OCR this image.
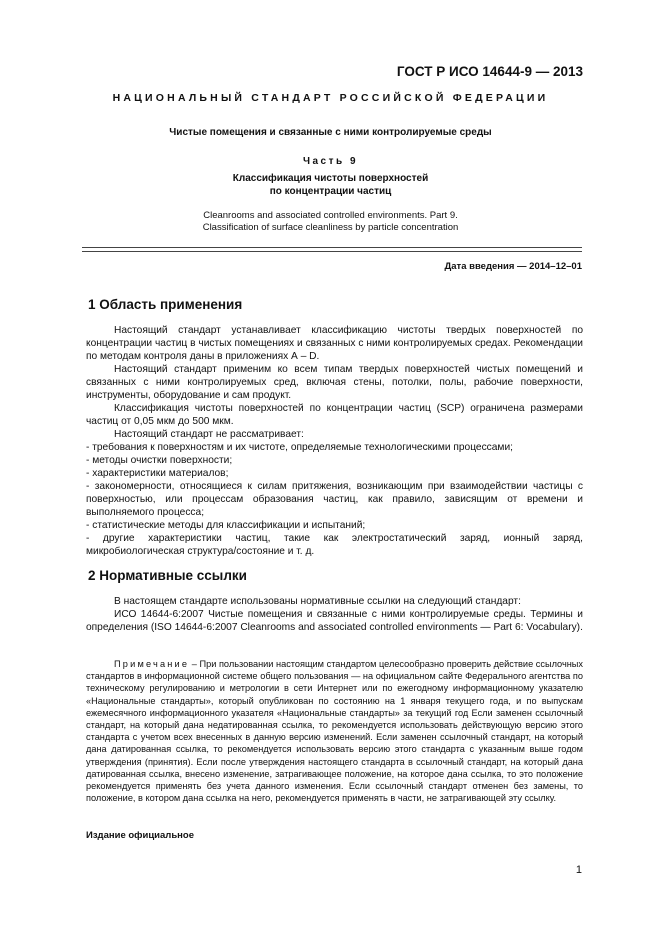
ГОСТ Р ИСО 14644-9 — 2013
НАЦИОНАЛЬНЫЙ СТАНДАРТ РОССИЙСКОЙ ФЕДЕРАЦИИ
Чистые помещения и связанные с ними контролируемые среды
Часть 9
Классификация чистоты поверхностей
по концентрации частиц
Cleanrooms and associated controlled environments. Part 9.
Classification of surface cleanliness by particle concentration
Дата введения — 2014–12–01
1 Область применения

Настоящий стандарт устанавливает классификацию чистоты твердых поверхностей по концентрации частиц в чистых помещениях и связанных с ними контролируемых средах. Рекомендации по методам контроля даны в приложениях А – D.

Настоящий стандарт применим ко всем типам твердых поверхностей чистых помещений и связанных с ними контролируемых сред, включая стены, потолки, полы, рабочие поверхности, инструменты, оборудование и сам продукт.

Классификация чистоты поверхностей по концентрации частиц (SCP) ограничена размерами частиц от 0,05 мкм до 500 мкм.

Настоящий стандарт не рассматривает:

- требования к поверхностям и их чистоте, определяемые технологическими процессами;

- методы очистки поверхности;

- характеристики материалов;

- закономерности, относящиеся к силам притяжения, возникающим при взаимодействии частицы с поверхностью, или процессам образования частиц, как правило, зависящим от времени и выполняемого процесса;

- статистические методы для классификации и испытаний;

- другие характеристики частиц, такие как электростатический заряд, ионный заряд, микробиологическая структура/состояние и т. д.

2 Нормативные ссылки

В настоящем стандарте использованы нормативные ссылки на следующий стандарт:

ИСО 14644-6:2007 Чистые помещения и связанные с ними контролируемые среды. Термины и определения (ISO 14644-6:2007 Cleanrooms and associated controlled environments — Part 6: Vocabulary).

Примечание – При пользовании настоящим стандартом целесообразно проверить действие ссылочных стандартов в информационной системе общего пользования — на официальном сайте Федерального агентства по техническому регулированию и метрологии в сети Интернет или по ежегодному информационному указателю «Национальные стандарты», который опубликован по состоянию на 1 января текущего года, и по выпускам ежемесячного информационного указателя «Национальные стандарты» за текущий год Если заменен ссылочный стандарт, на который дана недатированная ссылка, то рекомендуется использовать действующую версию этого стандарта с учетом всех внесенных в данную версию изменений. Если заменен ссылочный стандарт, на который дана датированная ссылка, то рекомендуется использовать версию этого стандарта с указанным выше годом утверждения (принятия). Если после утверждения настоящего стандарта в ссылочный стандарт, на который дана датированная ссылка, внесено изменение, затрагивающее положение, на которое дана ссылка, то это положение рекомендуется применять без учета данного изменения. Если ссылочный стандарт отменен без замены, то положение, в котором дана ссылка на него, рекомендуется применять в части, не затрагивающей эту ссылку.

Издание официальное
1
